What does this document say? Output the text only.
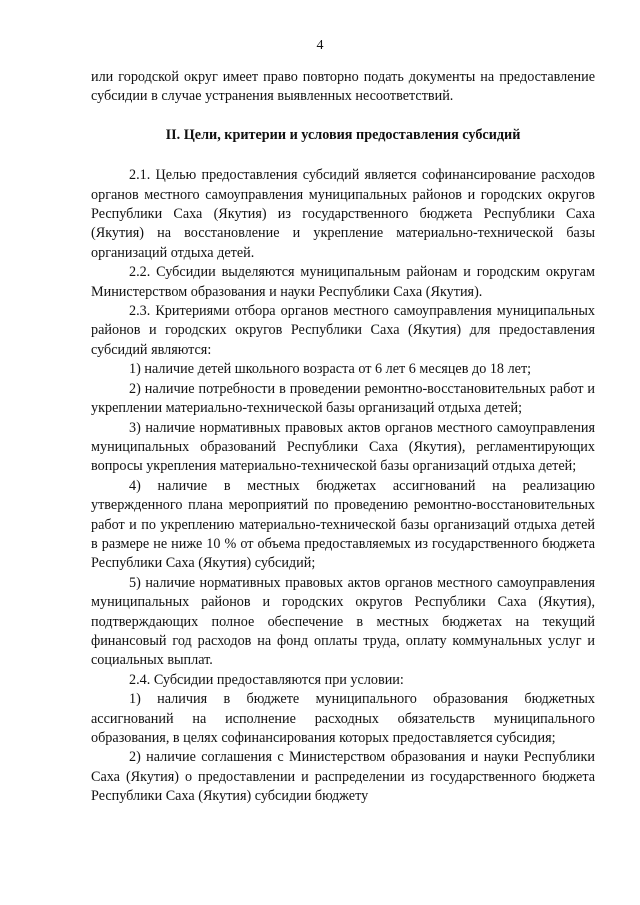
4

или городской округ имеет право повторно подать документы на предоставление субсидии в случае устранения выявленных несоответствий.

II. Цели, критерии и условия предоставления субсидий

2.1. Целью предоставления субсидий является софинансирование расходов органов местного самоуправления муниципальных районов и городских округов Республики Саха (Якутия) из государственного бюджета Республики Саха (Якутия) на восстановление и укрепление материально-технической базы организаций отдыха детей.

2.2. Субсидии выделяются муниципальным районам и городским округам Министерством образования и науки Республики Саха (Якутия).

2.3. Критериями отбора органов местного самоуправления муниципальных районов и городских округов Республики Саха (Якутия) для предоставления субсидий являются:

1) наличие детей школьного возраста от 6 лет 6 месяцев до 18 лет;

2) наличие потребности в проведении ремонтно-восстановительных работ и укреплении материально-технической базы организаций отдыха детей;

3) наличие нормативных правовых актов органов местного самоуправления муниципальных образований Республики Саха (Якутия), регламентирующих вопросы укрепления материально-технической базы организаций отдыха детей;

4) наличие в местных бюджетах ассигнований на реализацию утвержденного плана мероприятий по проведению ремонтно-восстановительных работ и по укреплению материально-технической базы организаций отдыха детей в размере не ниже 10 % от объема предоставляемых из государственного бюджета Республики Саха (Якутия) субсидий;

5) наличие нормативных правовых актов органов местного самоуправления муниципальных районов и городских округов Республики Саха (Якутия), подтверждающих полное обеспечение в местных бюджетах на текущий финансовый год расходов на фонд оплаты труда, оплату коммунальных услуг и социальных выплат.

2.4. Субсидии предоставляются при условии:

1) наличия в бюджете муниципального образования бюджетных ассигнований на исполнение расходных обязательств муниципального образования, в целях софинансирования которых предоставляется субсидия;

2) наличие соглашения с Министерством образования и науки Республики Саха (Якутия) о предоставлении и распределении из государственного бюджета Республики Саха (Якутия) субсидии бюджету
